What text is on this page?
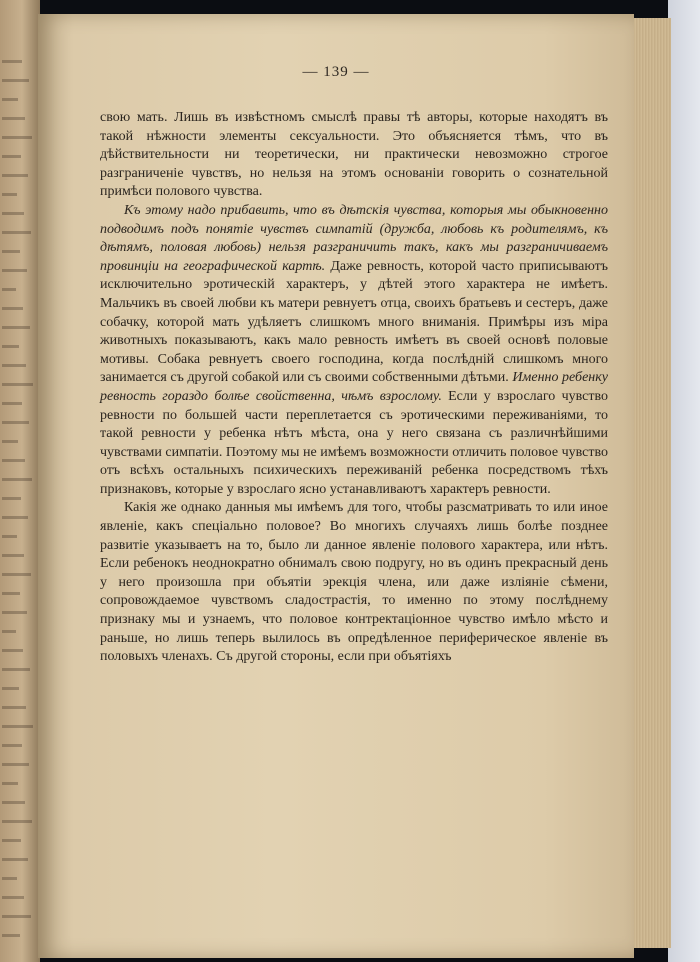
— 139 —

свою мать. Лишь въ извѣстномъ смыслѣ правы тѣ авторы, которые находятъ въ такой нѣжности элементы сексуальности. Это объясняется тѣмъ, что въ дѣйствительности ни теоретически, ни практически невозможно строгое разграниченіе чувствъ, но нельзя на этомъ основаніи говорить о сознательной примѣси полового чувства.

Къ этому надо прибавить, что въ дѣтскія чувства, которыя мы обыкновенно подводимъ подъ понятіе чувствъ симпатій (дружба, любовь къ родителямъ, къ дѣтямъ, половая любовь) нельзя разграничить такъ, какъ мы разграничиваемъ провинціи на географической картѣ. Даже ревность, которой часто приписываютъ исключительно эротическій характеръ, у дѣтей этого характера не имѣетъ. Мальчикъ въ своей любви къ матери ревнуетъ отца, своихъ братьевъ и сестеръ, даже собачку, которой мать удѣляетъ слишкомъ много вниманія. Примѣры изъ міра животныхъ показываютъ, какъ мало ревность имѣетъ въ своей основѣ половые мотивы. Собака ревнуетъ своего господина, когда послѣдній слишкомъ много занимается съ другой собакой или съ своими собственными дѣтьми. Именно ребенку ревность гораздо болѣе свойственна, чѣмъ взрослому. Если у взрослаго чувство ревности по большей части переплетается съ эротическими переживаніями, то такой ревности у ребенка нѣтъ мѣста, она у него связана съ различнѣйшими чувствами симпатіи. Поэтому мы не имѣемъ возможности отличить половое чувство отъ всѣхъ остальныхъ психическихъ переживаній ребенка посредствомъ тѣхъ признаковъ, которые у взрослаго ясно устанавливаютъ характеръ ревности.

Какія же однако данныя мы имѣемъ для того, чтобы разсматривать то или иное явленіе, какъ спеціально половое? Во многихъ случаяхъ лишь болѣе позднее развитіе указываетъ на то, было ли данное явленіе полового характера, или нѣтъ. Если ребенокъ неоднократно обнималъ свою подругу, но въ одинъ прекрасный день у него произошла при объятіи эрекція члена, или даже изліяніе сѣмени, сопровождаемое чувствомъ сладострастія, то именно по этому послѣднему признаку мы и узнаемъ, что половое контректаціонное чувство имѣло мѣсто и раньше, но лишь теперь вылилось въ опредѣленное периферическое явленіе въ половыхъ членахъ. Съ другой стороны, если при объятіяхъ
